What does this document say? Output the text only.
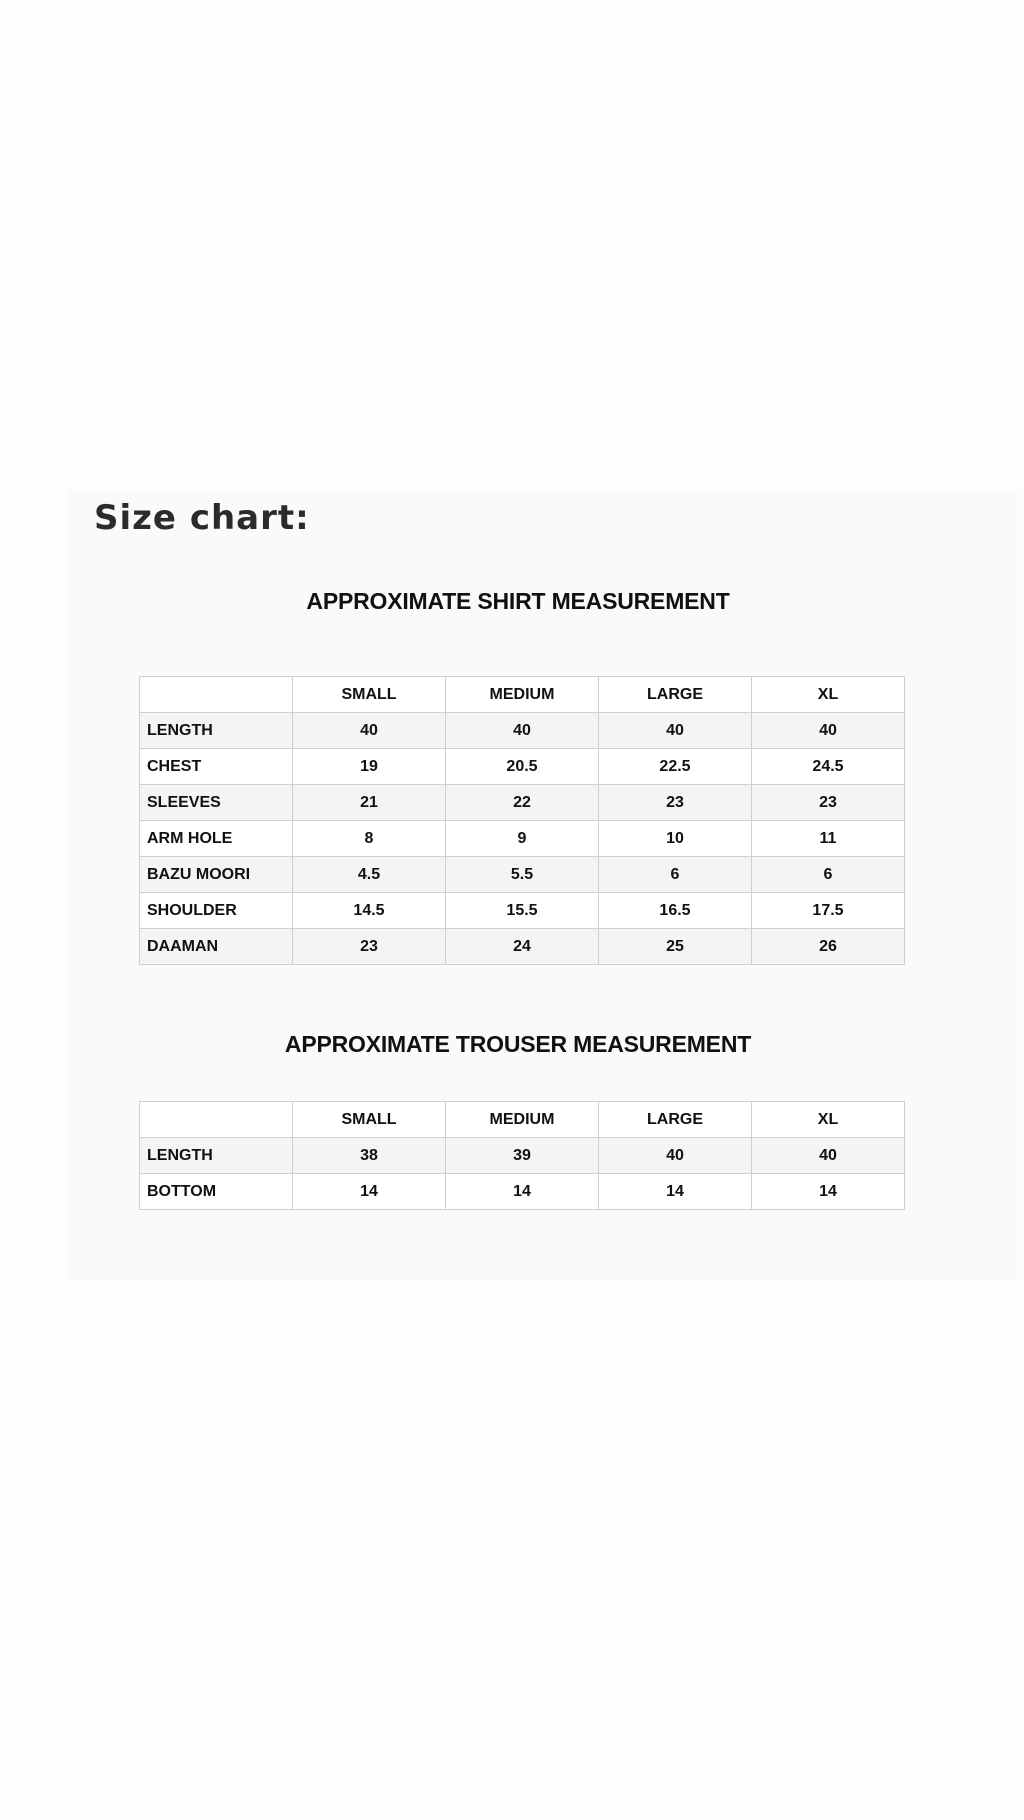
Size chart:
APPROXIMATE SHIRT MEASUREMENT
	SMALL	MEDIUM	LARGE	XL
LENGTH	40	40	40	40
CHEST	19	20.5	22.5	24.5
SLEEVES	21	22	23	23
ARM HOLE	8	9	10	11
BAZU MOORI	4.5	5.5	6	6
SHOULDER	14.5	15.5	16.5	17.5
DAAMAN	23	24	25	26
APPROXIMATE TROUSER MEASUREMENT
	SMALL	MEDIUM	LARGE	XL
LENGTH	38	39	40	40
BOTTOM	14	14	14	14
